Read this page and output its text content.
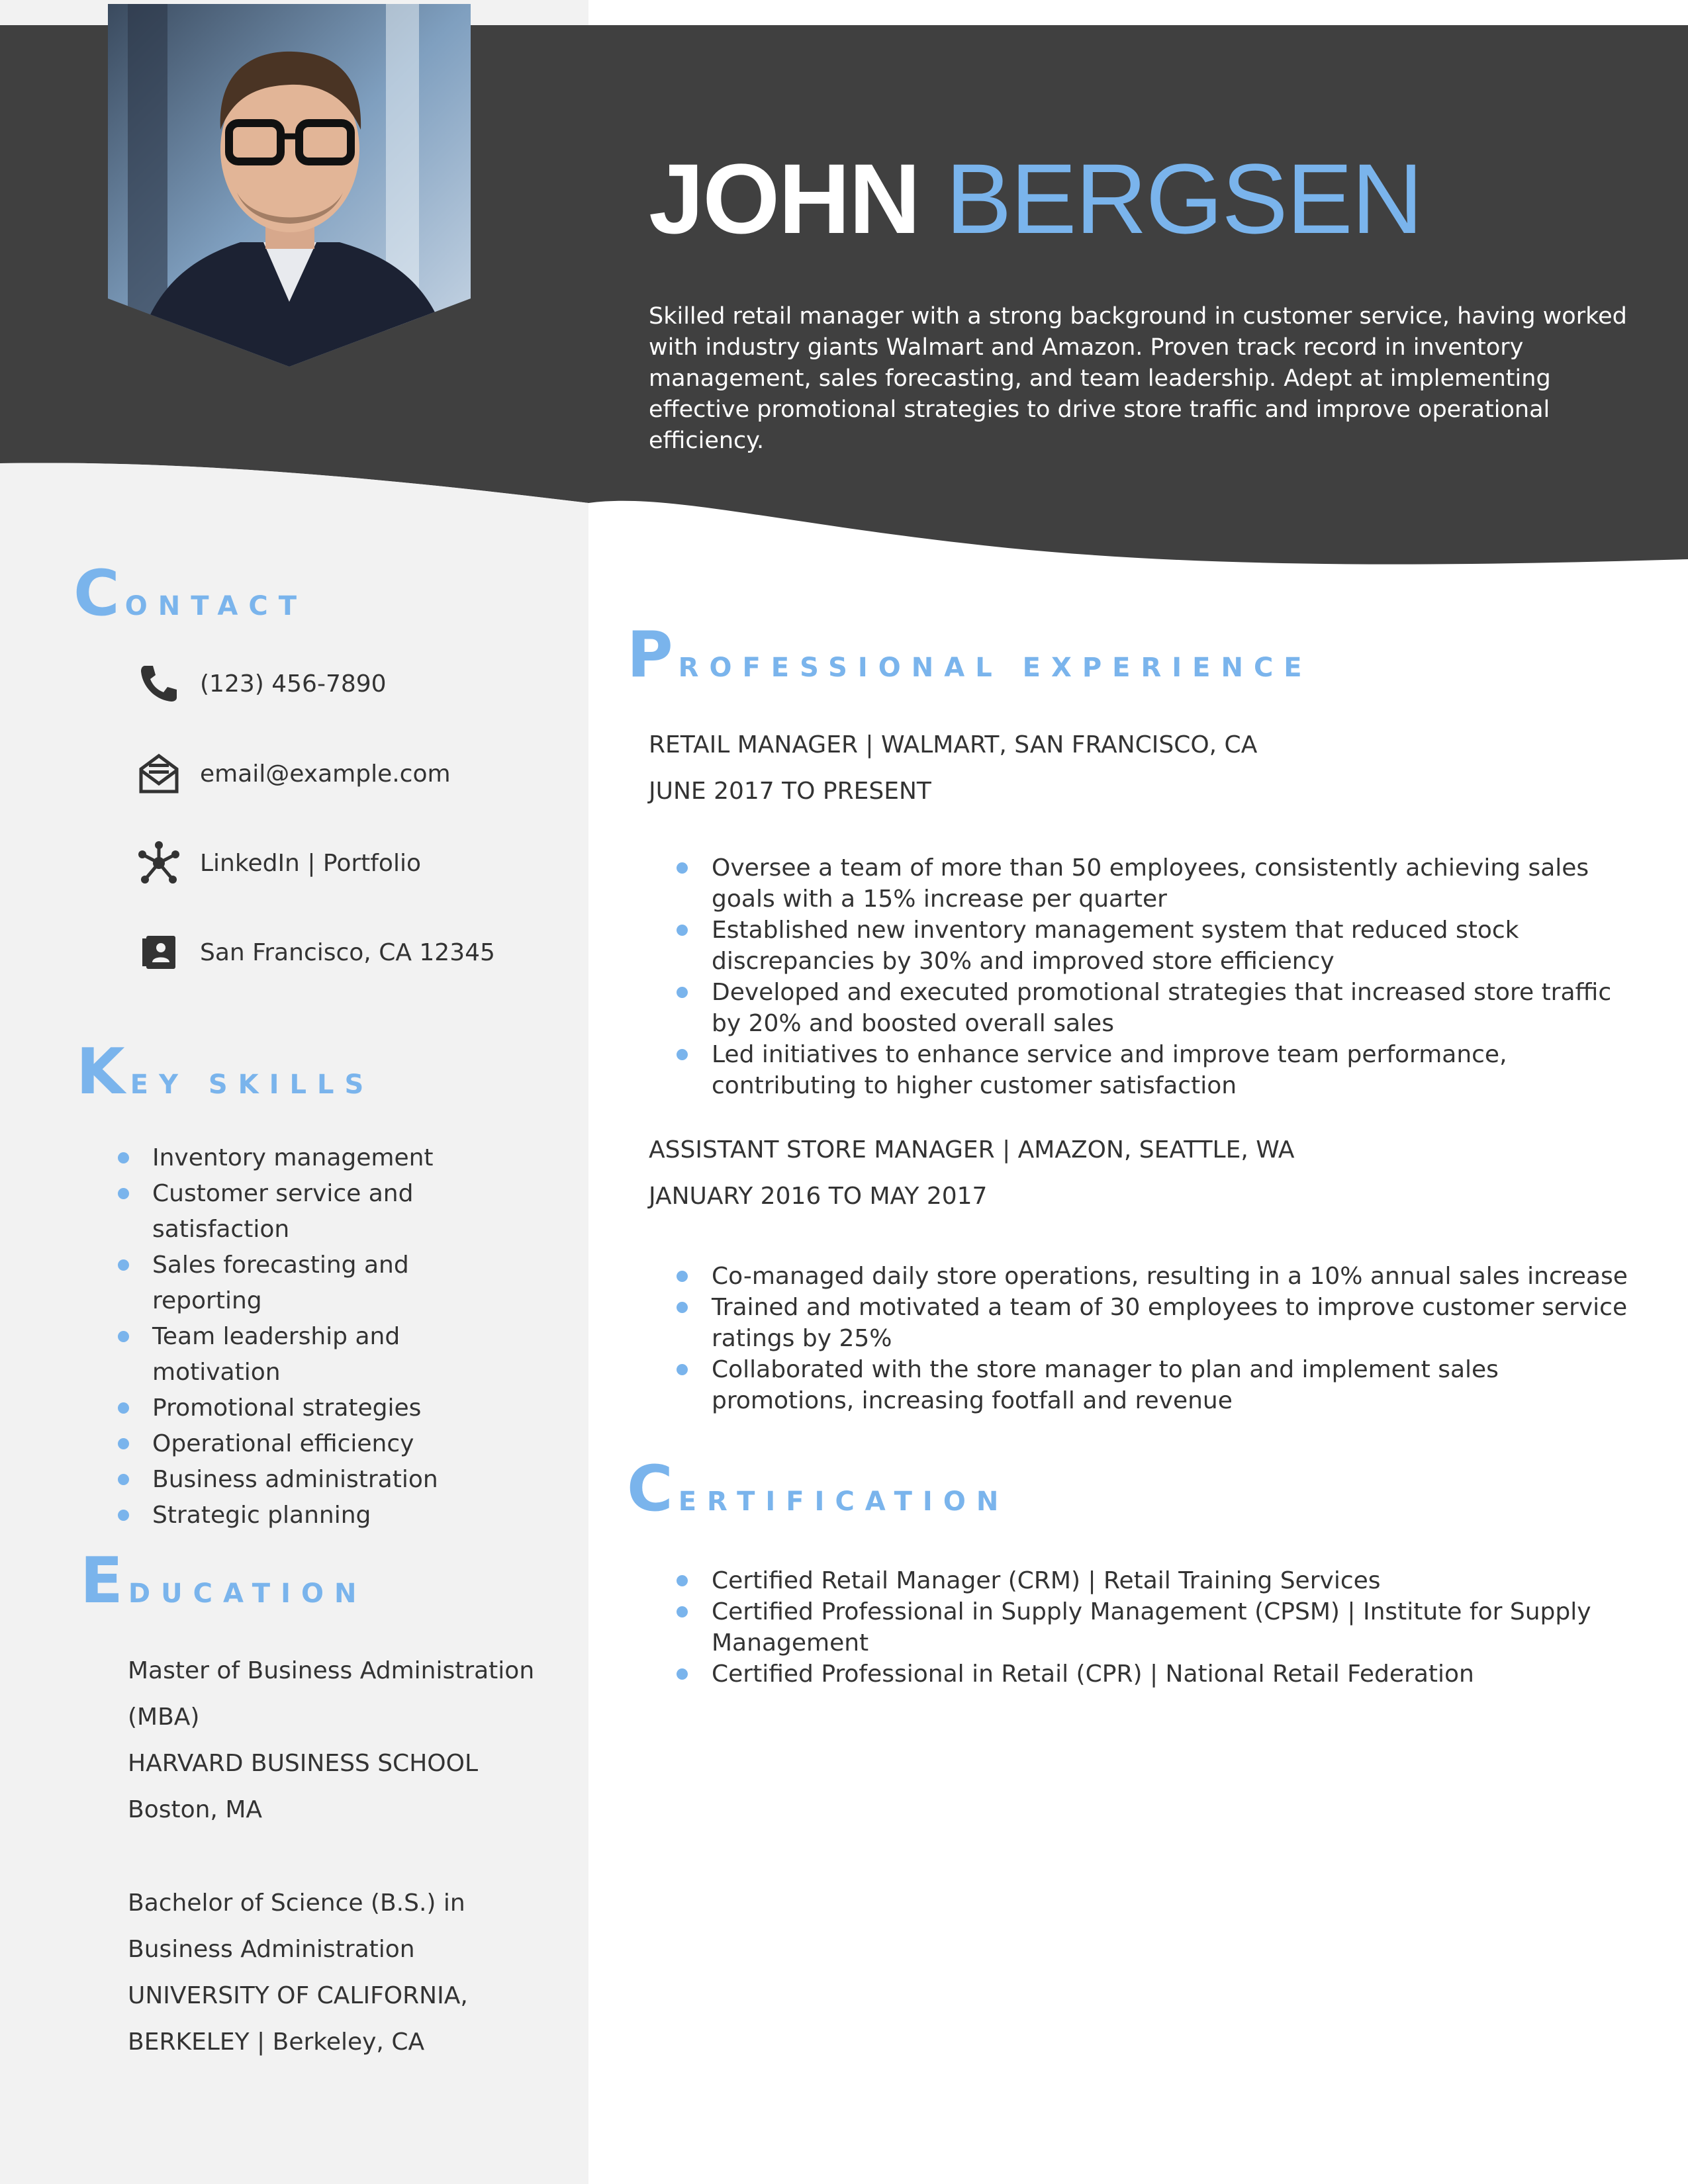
JOHN BERGSEN
Skilled retail manager with a strong background in customer service, having worked with industry giants Walmart and Amazon. Proven track record in inventory management, sales forecasting, and team leadership. Adept at implementing effective promotional strategies to drive store traffic and improve operational efficiency.
CONTACT
(123) 456-7890
email@example.com
LinkedIn | Portfolio
San Francisco, CA 12345
KEY SKILLS
Inventory management
Customer service and satisfaction
Sales forecasting and reporting
Team leadership and motivation
Promotional strategies
Operational efficiency
Business administration
Strategic planning
EDUCATION
Master of Business Administration (MBA)
HARVARD BUSINESS SCHOOL
Boston, MA
Bachelor of Science (B.S.) in Business Administration
UNIVERSITY OF CALIFORNIA, BERKELEY | Berkeley, CA
PROFESSIONAL EXPERIENCE
RETAIL MANAGER | WALMART, SAN FRANCISCO, CA
JUNE 2017 TO PRESENT
Oversee a team of more than 50 employees, consistently achieving sales goals with a 15% increase per quarter
Established new inventory management system that reduced stock discrepancies by 30% and improved store efficiency
Developed and executed promotional strategies that increased store traffic by 20% and boosted overall sales
Led initiatives to enhance service and improve team performance, contributing to higher customer satisfaction
ASSISTANT STORE MANAGER | AMAZON, SEATTLE, WA
JANUARY 2016 TO MAY 2017
Co-managed daily store operations, resulting in a 10% annual sales increase
Trained and motivated a team of 30 employees to improve customer service ratings by 25%
Collaborated with the store manager to plan and implement sales promotions, increasing footfall and revenue
CERTIFICATION
Certified Retail Manager (CRM) | Retail Training Services
Certified Professional in Supply Management (CPSM) | Institute for Supply Management
Certified Professional in Retail (CPR) | National Retail Federation
